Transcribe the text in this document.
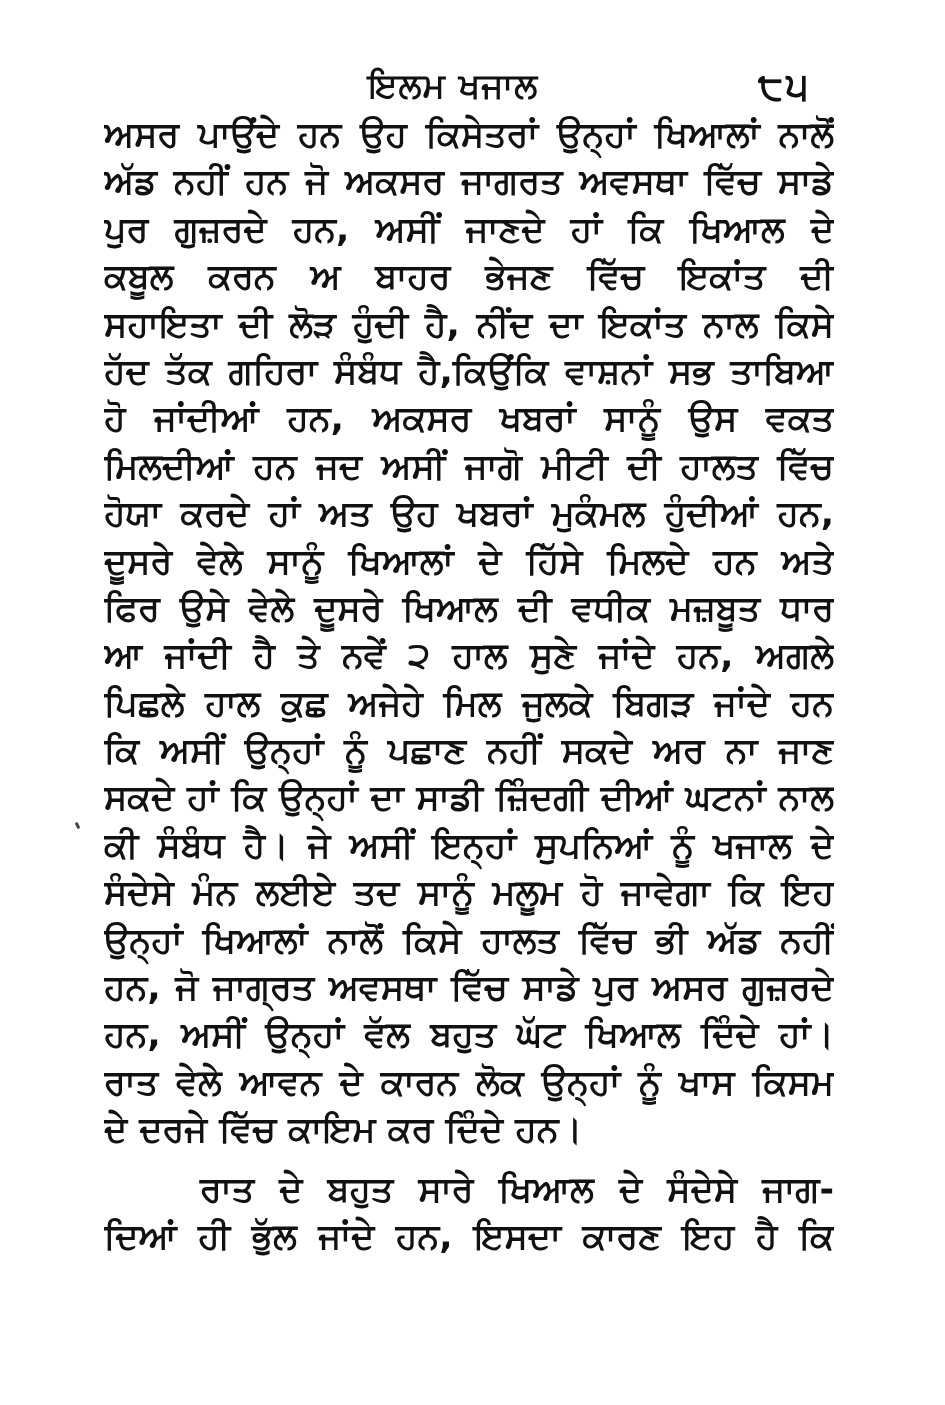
ਇਲਮ ਖਜਾਲ	੮੫
ਅਸਰ ਪਾਉਂਦੇ ਹਨ ਉਹ ਕਿਸੇਤਰਾਂ ਉਨ੍ਹਾਂ ਖਿਆਲਾਂ ਨਾਲੋਂ
ਅੱਡ ਨਹੀਂ ਹਨ ਜੋ ਅਕਸਰ ਜਾਗਰਤ ਅਵਸਥਾ ਵਿੱਚ ਸਾਡੇ
ਪੁਰ ਗੁਜ਼ਰਦੇ ਹਨ, ਅਸੀਂ ਜਾਣਦੇ ਹਾਂ ਕਿ ਖਿਆਲ ਦੇ
ਕਬੂਲ ਕਰਨ ਅ ਬਾਹਰ ਭੇਜਣ ਵਿੱਚ ਇਕਾਂਤ ਦੀ
ਸਹਾਇਤਾ ਦੀ ਲੋੜ ਹੁੰਦੀ ਹੈ, ਨੀਂਦ ਦਾ ਇਕਾਂਤ ਨਾਲ ਕਿਸੇ
ਹੱਦ ਤੱਕ ਗਹਿਰਾ ਸੰਬੰਧ ਹੈ,ਕਿਉਂਕਿ ਵਾਸ਼ਨਾਂ ਸਭ ਤਾਬਿਆ
ਹੋ ਜਾਂਦੀਆਂ ਹਨ, ਅਕਸਰ ਖਬਰਾਂ ਸਾਨੂੰ ਉਸ ਵਕਤ
ਮਿਲਦੀਆਂ ਹਨ ਜਦ ਅਸੀਂ ਜਾਗੋ ਮੀਟੀ ਦੀ ਹਾਲਤ ਵਿੱਚ
ਹੋਯਾ ਕਰਦੇ ਹਾਂ ਅਤ ਉਹ ਖਬਰਾਂ ਮੁਕੰਮਲ ਹੁੰਦੀਆਂ ਹਨ,
ਦੂਸਰੇ ਵੇਲੇ ਸਾਨੂੰ ਖਿਆਲਾਂ ਦੇ ਹਿੱਸੇ ਮਿਲਦੇ ਹਨ ਅਤੇ
ਫਿਰ ਉਸੇ ਵੇਲੇ ਦੂਸਰੇ ਖਿਆਲ ਦੀ ਵਧੀਕ ਮਜ਼ਬੂਤ ਧਾਰ
ਆ ਜਾਂਦੀ ਹੈ ਤੇ ਨਵੇਂ ੨ ਹਾਲ ਸੁਣੇ ਜਾਂਦੇ ਹਨ, ਅਗਲੇ
ਪਿਛਲੇ ਹਾਲ ਕੁਛ ਅਜੇਹੇ ਮਿਲ ਜੁਲਕੇ ਬਿਗੜ ਜਾਂਦੇ ਹਨ
ਕਿ ਅਸੀਂ ਉਨ੍ਹਾਂ ਨੂੰ ਪਛਾਣ ਨਹੀਂ ਸਕਦੇ ਅਰ ਨਾ ਜਾਣ
ਸਕਦੇ ਹਾਂ ਕਿ ਉਨ੍ਹਾਂ ਦਾ ਸਾਡੀ ਜ਼ਿੰਦਗੀ ਦੀਆਂ ਘਟਨਾਂ ਨਾਲ
ਕੀ ਸੰਬੰਧ ਹੈ। ਜੇ ਅਸੀਂ ਇਨ੍ਹਾਂ ਸੁਪਨਿਆਂ ਨੂੰ ਖਜਾਲ ਦੇ
ਸੰਦੇਸੇ ਮੰਨ ਲਈਏ ਤਦ ਸਾਨੂੰ ਮਲੂਮ ਹੋ ਜਾਵੇਗਾ ਕਿ ਇਹ
ਉਨ੍ਹਾਂ ਖਿਆਲਾਂ ਨਾਲੋਂ ਕਿਸੇ ਹਾਲਤ ਵਿੱਚ ਭੀ ਅੱਡ ਨਹੀਂ
ਹਨ, ਜੋ ਜਾਗ੍ਰਤ ਅਵਸਥਾ ਵਿੱਚ ਸਾਡੇ ਪੁਰ ਅਸਰ ਗੁਜ਼ਰਦੇ
ਹਨ, ਅਸੀਂ ਉਨ੍ਹਾਂ ਵੱਲ ਬਹੁਤ ਘੱਟ ਖਿਆਲ ਦਿੰਦੇ ਹਾਂ।
ਰਾਤ ਵੇਲੇ ਆਵਨ ਦੇ ਕਾਰਨ ਲੋਕ ਉਨ੍ਹਾਂ ਨੂੰ ਖਾਸ ਕਿਸਮ
ਦੇ ਦਰਜੇ ਵਿੱਚ ਕਾਇਮ ਕਰ ਦਿੰਦੇ ਹਨ।
ਰਾਤ ਦੇ ਬਹੁਤ ਸਾਰੇ ਖਿਆਲ ਦੇ ਸੰਦੇਸੇ ਜਾਗ-
ਦਿਆਂ ਹੀ ਭੁੱਲ ਜਾਂਦੇ ਹਨ, ਇਸਦਾ ਕਾਰਣ ਇਹ ਹੈ ਕਿ
